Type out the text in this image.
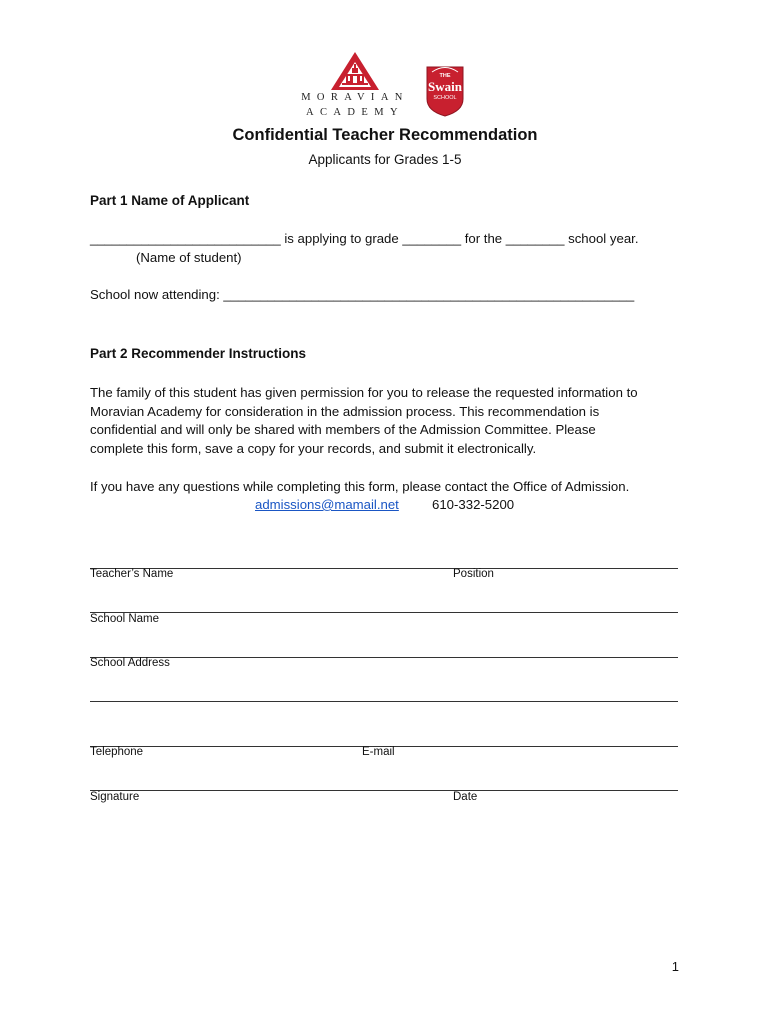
MORAVIAN
ACADEMY
THE
Swain
SCHOOL
Confidential Teacher Recommendation
Applicants for Grades 1-5
Part 1 Name of Applicant
__________________________ is applying to grade ________ for the ________ school year.
(Name of student)
School now attending: ________________________________________________________
Part 2 Recommender Instructions
The family of this student has given permission for you to release the requested information to
Moravian Academy for consideration in the admission process. This recommendation is
confidential and will only be shared with members of the Admission Committee. Please
complete this form, save a copy for your records, and submit it electronically.
If you have any questions while completing this form, please contact the Office of Admission.
admissions@mamail.net	610-332-5200
Teacher’s Name	Position
School Name
School Address
Telephone	E-mail
Signature	Date
1
